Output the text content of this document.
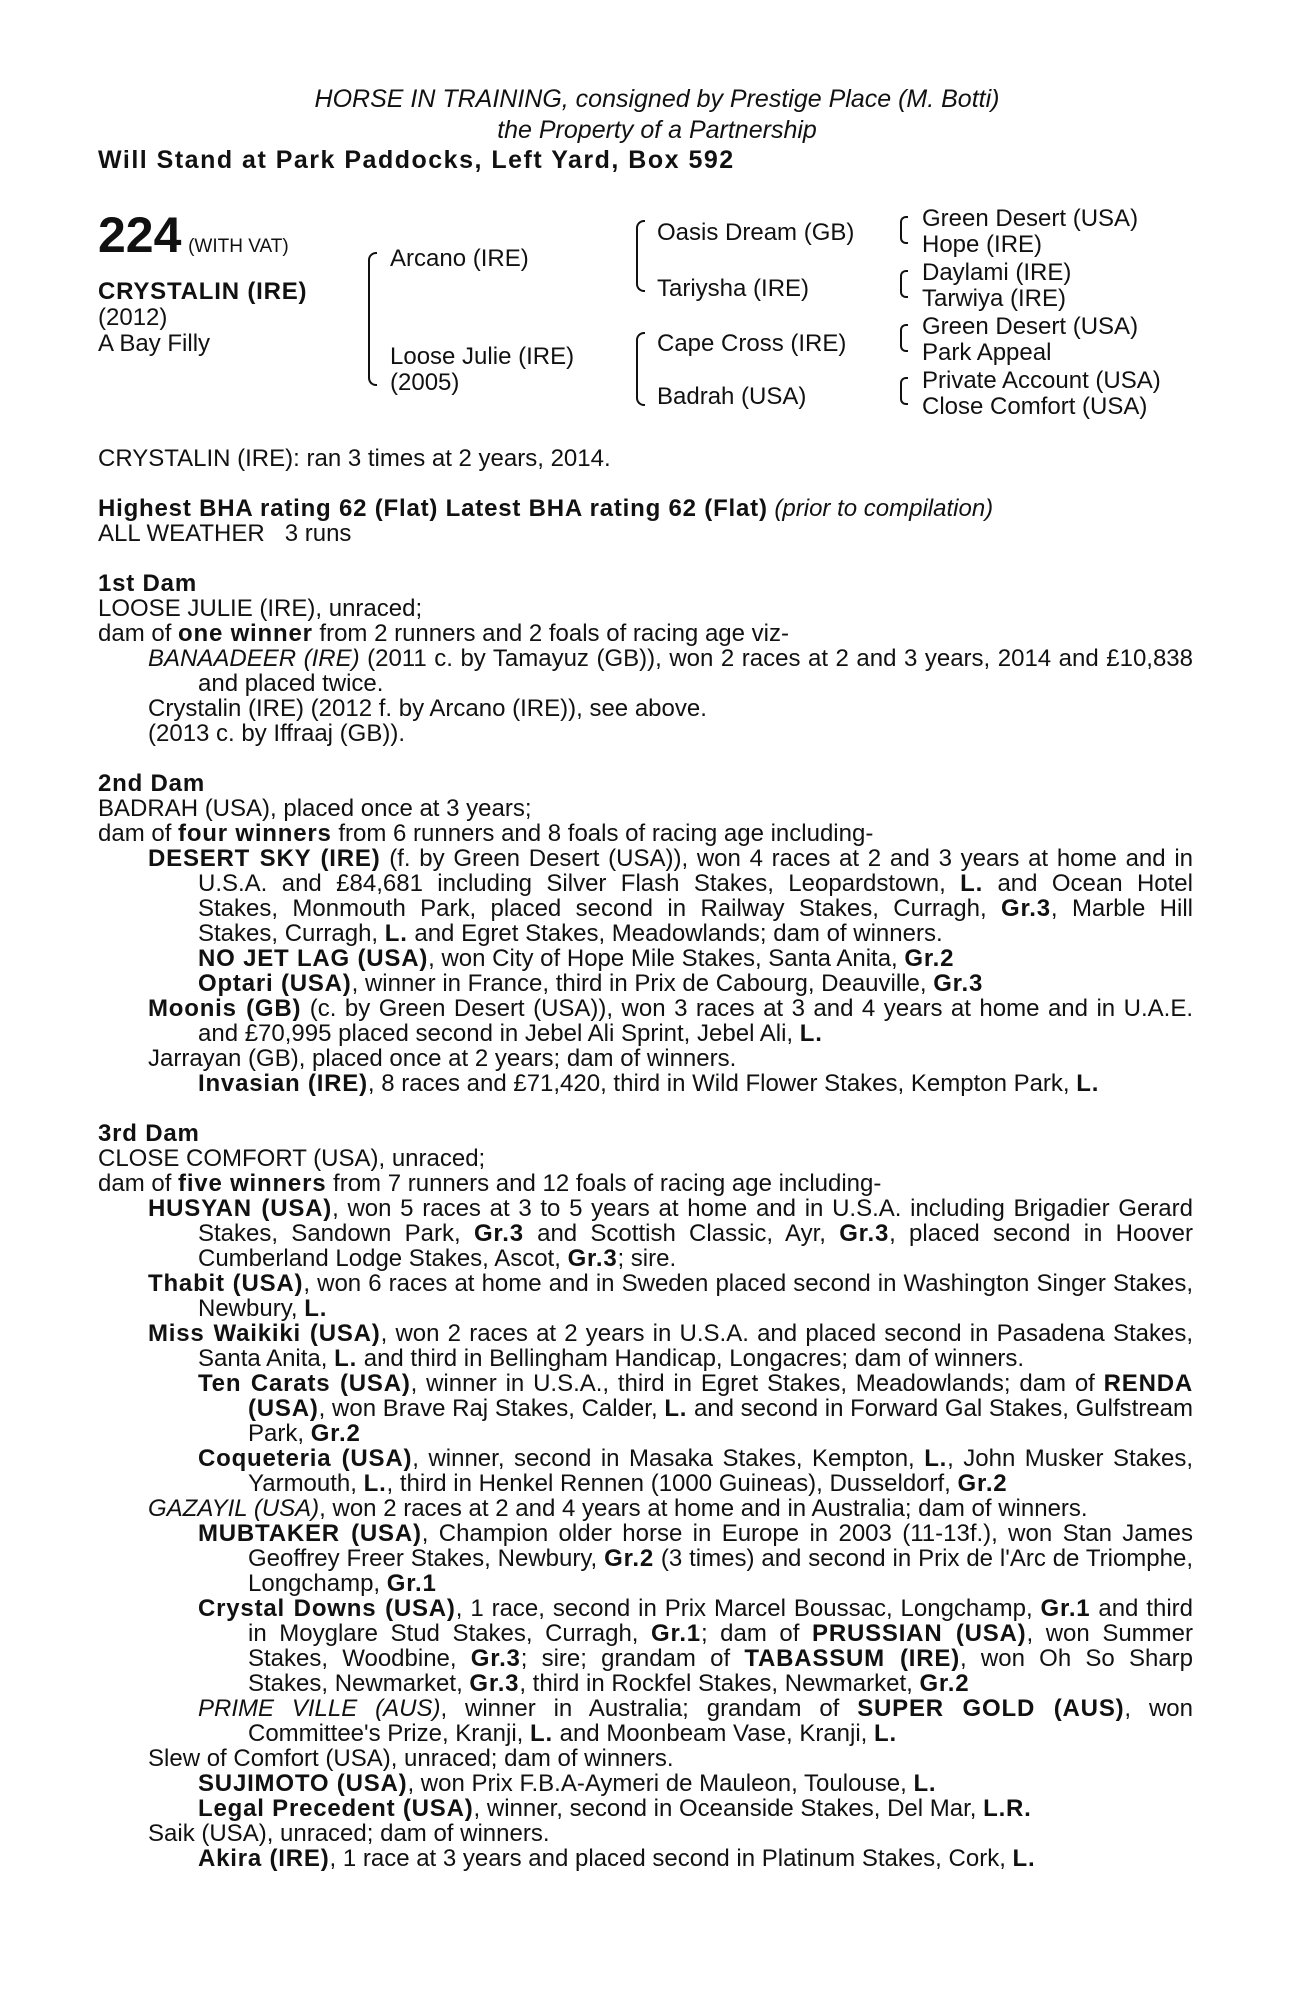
HORSE IN TRAINING, consigned by Prestige Place (M. Botti)
the Property of a Partnership
Will Stand at Park Paddocks, Left Yard, Box 592
224 (WITH VAT)
CRYSTALIN (IRE)
(2012)
A Bay Filly
Arcano (IRE)
Loose Julie (IRE)
(2005)
Oasis Dream (GB)
Tariysha (IRE)
Cape Cross (IRE)
Badrah (USA)
Green Desert (USA)
Hope (IRE)
Daylami (IRE)
Tarwiya (IRE)
Green Desert (USA)
Park Appeal
Private Account (USA)
Close Comfort (USA)

CRYSTALIN (IRE): ran 3 times at 2 years, 2014.

Highest BHA rating 62 (Flat) Latest BHA rating 62 (Flat) (prior to compilation)

ALL WEATHER 3 runs

1st Dam

LOOSE JULIE (IRE), unraced;

dam of one winner from 2 runners and 2 foals of racing age viz-

BANAADEER (IRE) (2011 c. by Tamayuz (GB)), won 2 races at 2 and 3 years, 2014 and £10,838 and placed twice.

Crystalin (IRE) (2012 f. by Arcano (IRE)), see above.

(2013 c. by Iffraaj (GB)).

2nd Dam

BADRAH (USA), placed once at 3 years;

dam of four winners from 6 runners and 8 foals of racing age including-

DESERT SKY (IRE) (f. by Green Desert (USA)), won 4 races at 2 and 3 years at home and in U.S.A. and £84,681 including Silver Flash Stakes, Leopardstown, L. and Ocean Hotel Stakes, Monmouth Park, placed second in Railway Stakes, Curragh, Gr.3, Marble Hill Stakes, Curragh, L. and Egret Stakes, Meadowlands; dam of winners.

NO JET LAG (USA), won City of Hope Mile Stakes, Santa Anita, Gr.2

Optari (USA), winner in France, third in Prix de Cabourg, Deauville, Gr.3

Moonis (GB) (c. by Green Desert (USA)), won 3 races at 3 and 4 years at home and in U.A.E. and £70,995 placed second in Jebel Ali Sprint, Jebel Ali, L.

Jarrayan (GB), placed once at 2 years; dam of winners.

Invasian (IRE), 8 races and £71,420, third in Wild Flower Stakes, Kempton Park, L.

3rd Dam

CLOSE COMFORT (USA), unraced;

dam of five winners from 7 runners and 12 foals of racing age including-

HUSYAN (USA), won 5 races at 3 to 5 years at home and in U.S.A. including Brigadier Gerard Stakes, Sandown Park, Gr.3 and Scottish Classic, Ayr, Gr.3, placed second in Hoover Cumberland Lodge Stakes, Ascot, Gr.3; sire.

Thabit (USA), won 6 races at home and in Sweden placed second in Washington Singer Stakes, Newbury, L.

Miss Waikiki (USA), won 2 races at 2 years in U.S.A. and placed second in Pasadena Stakes, Santa Anita, L. and third in Bellingham Handicap, Longacres; dam of winners.

Ten Carats (USA), winner in U.S.A., third in Egret Stakes, Meadowlands; dam of RENDA (USA), won Brave Raj Stakes, Calder, L. and second in Forward Gal Stakes, Gulfstream Park, Gr.2

Coqueteria (USA), winner, second in Masaka Stakes, Kempton, L., John Musker Stakes, Yarmouth, L., third in Henkel Rennen (1000 Guineas), Dusseldorf, Gr.2

GAZAYIL (USA), won 2 races at 2 and 4 years at home and in Australia; dam of winners.

MUBTAKER (USA), Champion older horse in Europe in 2003 (11-13f.), won Stan James Geoffrey Freer Stakes, Newbury, Gr.2 (3 times) and second in Prix de l'Arc de Triomphe, Longchamp, Gr.1

Crystal Downs (USA), 1 race, second in Prix Marcel Boussac, Longchamp, Gr.1 and third in Moyglare Stud Stakes, Curragh, Gr.1; dam of PRUSSIAN (USA), won Summer Stakes, Woodbine, Gr.3; sire; grandam of TABASSUM (IRE), won Oh So Sharp Stakes, Newmarket, Gr.3, third in Rockfel Stakes, Newmarket, Gr.2

PRIME VILLE (AUS), winner in Australia; grandam of SUPER GOLD (AUS), won Committee's Prize, Kranji, L. and Moonbeam Vase, Kranji, L.

Slew of Comfort (USA), unraced; dam of winners.

SUJIMOTO (USA), won Prix F.B.A-Aymeri de Mauleon, Toulouse, L.

Legal Precedent (USA), winner, second in Oceanside Stakes, Del Mar, L.R.

Saik (USA), unraced; dam of winners.

Akira (IRE), 1 race at 3 years and placed second in Platinum Stakes, Cork, L.
